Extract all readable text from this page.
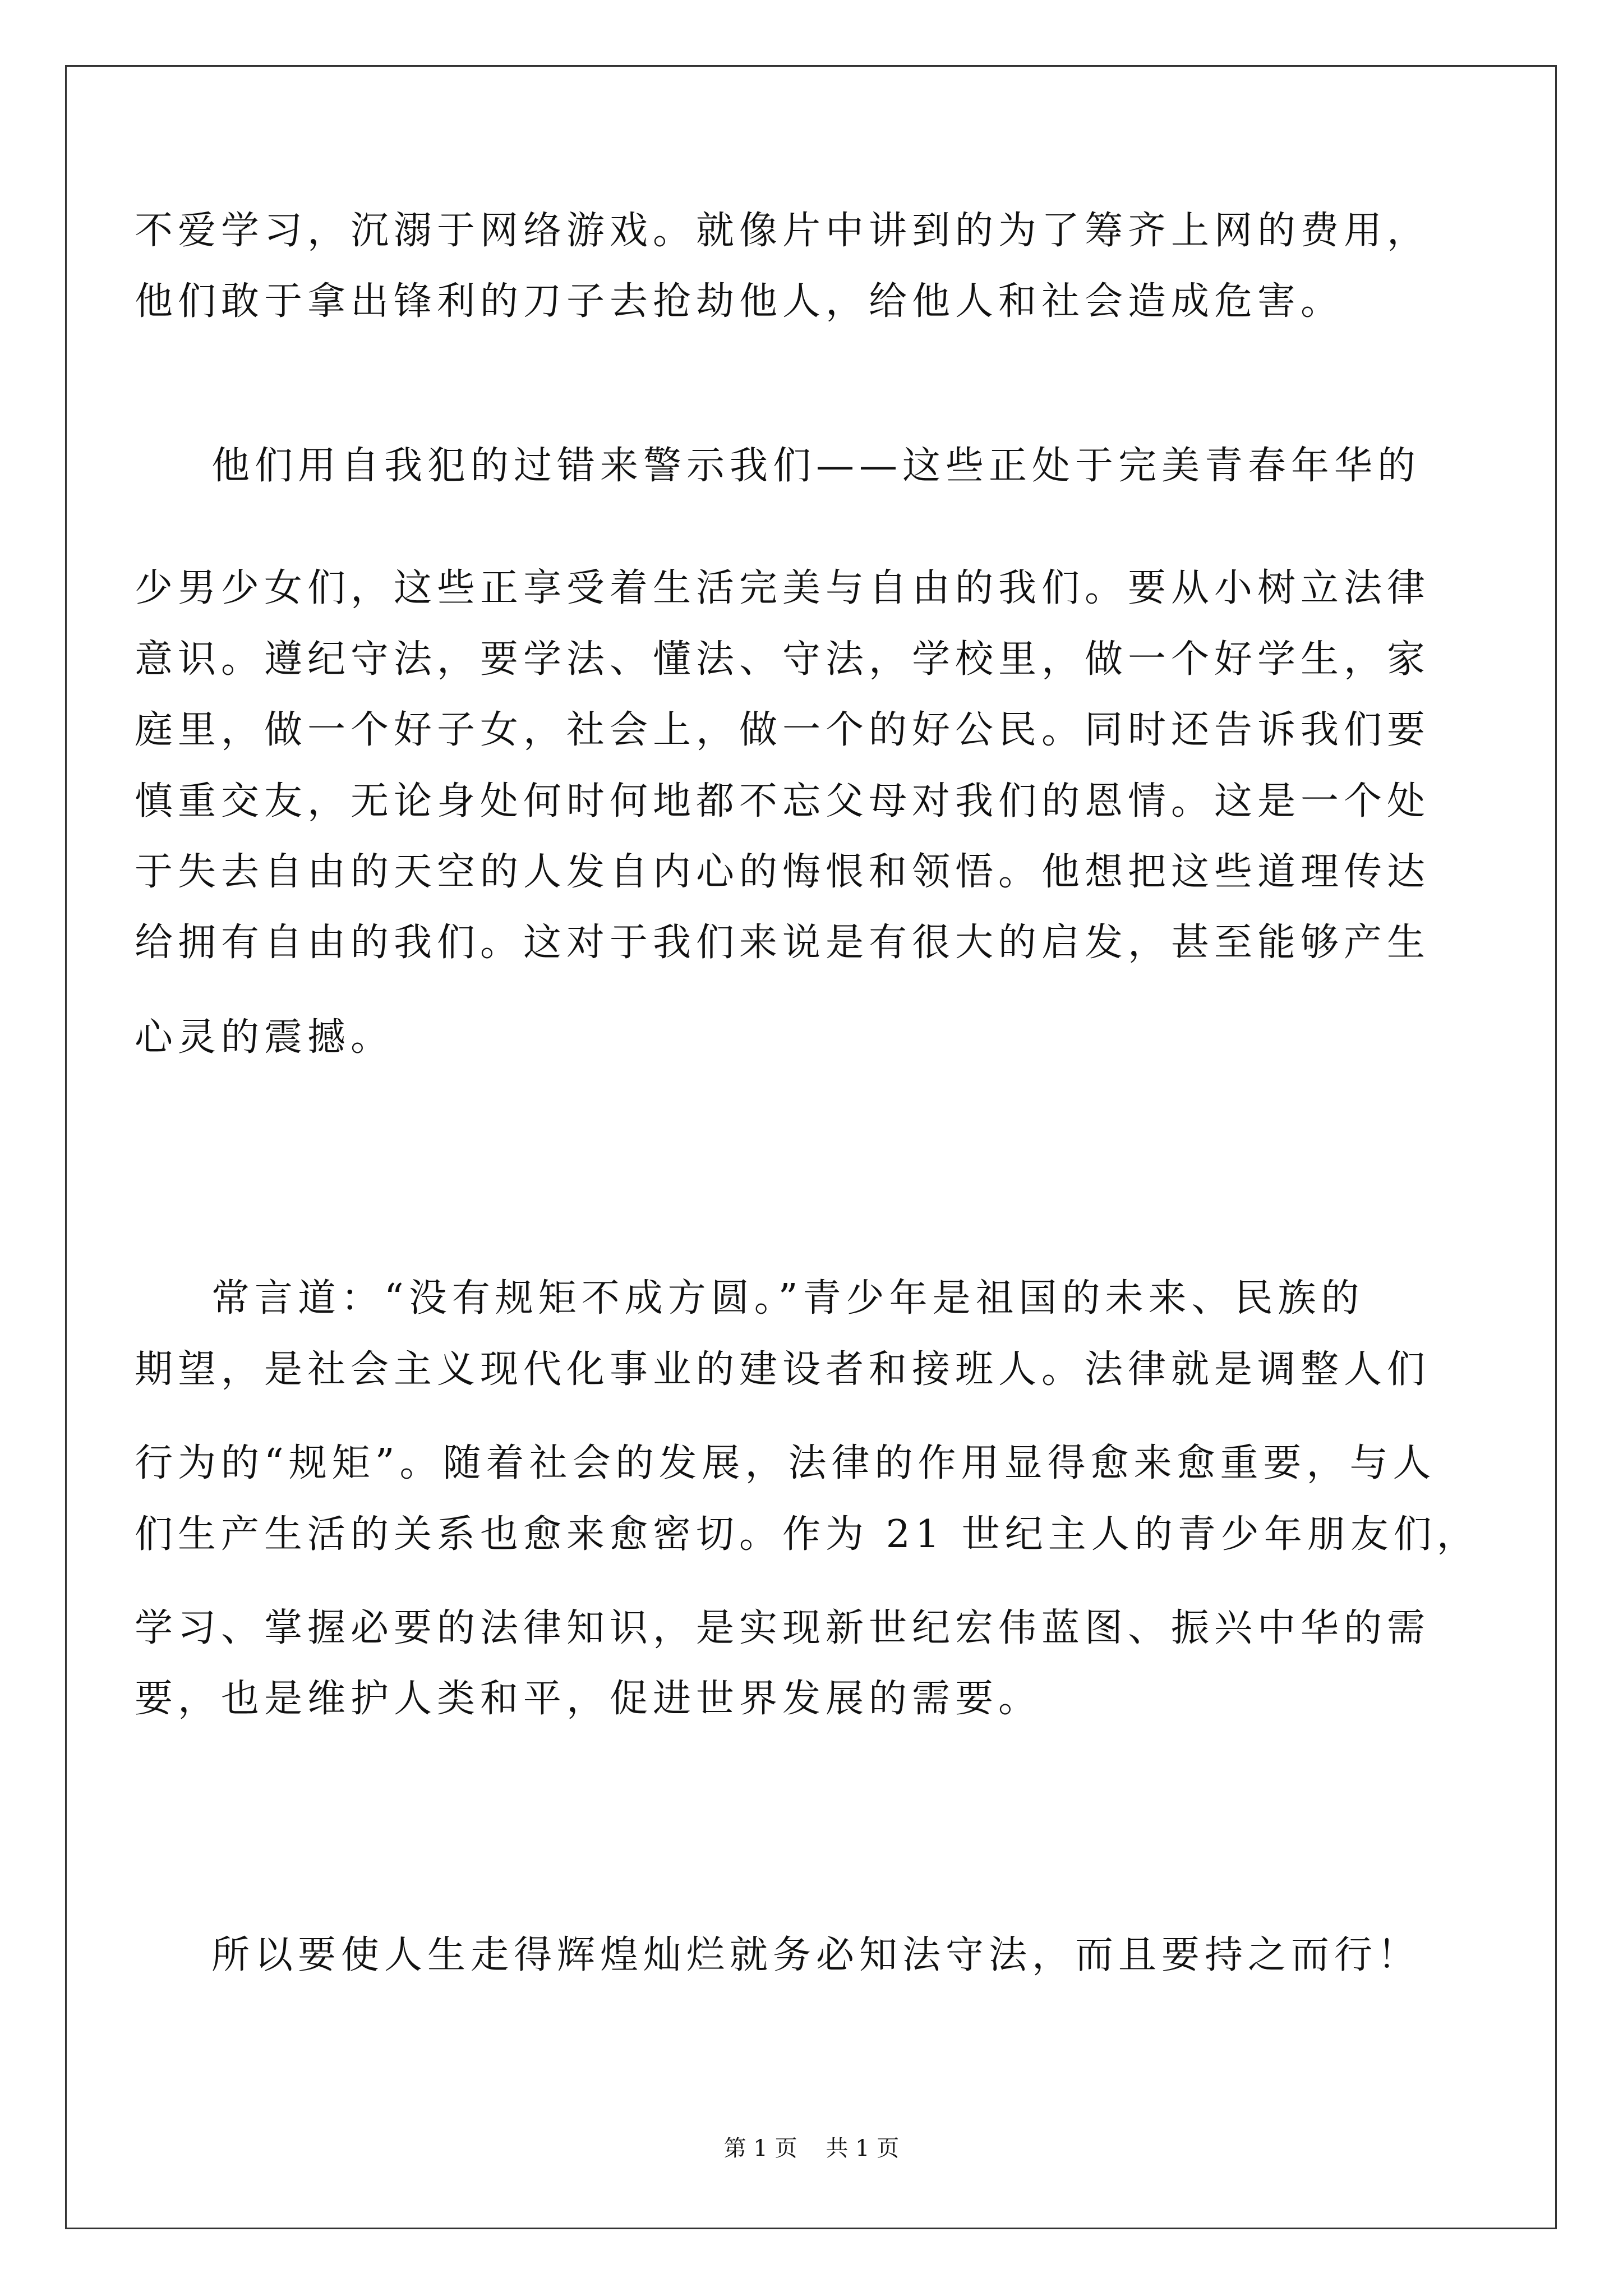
不爱学习，沉溺于网络游戏。就像片中讲到的为了筹齐上网的费用，
他们敢于拿出锋利的刀子去抢劫他人，给他人和社会造成危害。
他们用自我犯的过错来警示我们——这些正处于完美青春年华的
少男少女们，这些正享受着生活完美与自由的我们。要从小树立法律
意识。遵纪守法，要学法、懂法、守法，学校里，做一个好学生，家
庭里，做一个好子女，社会上，做一个的好公民。同时还告诉我们要
慎重交友，无论身处何时何地都不忘父母对我们的恩情。这是一个处
于失去自由的天空的人发自内心的悔恨和领悟。他想把这些道理传达
给拥有自由的我们。这对于我们来说是有很大的启发，甚至能够产生
心灵的震撼。
常言道：“没有规矩不成方圆。”青少年是祖国的未来、民族的
期望，是社会主义现代化事业的建设者和接班人。法律就是调整人们
行为的“规矩”。随着社会的发展，法律的作用显得愈来愈重要，与人
们生产生活的关系也愈来愈密切。作为 21 世纪主人的青少年朋友们，
学习、掌握必要的法律知识，是实现新世纪宏伟蓝图、振兴中华的需
要，也是维护人类和平，促进世界发展的需要。
所以要使人生走得辉煌灿烂就务必知法守法，而且要持之而行！
第 1 页    共 1 页
